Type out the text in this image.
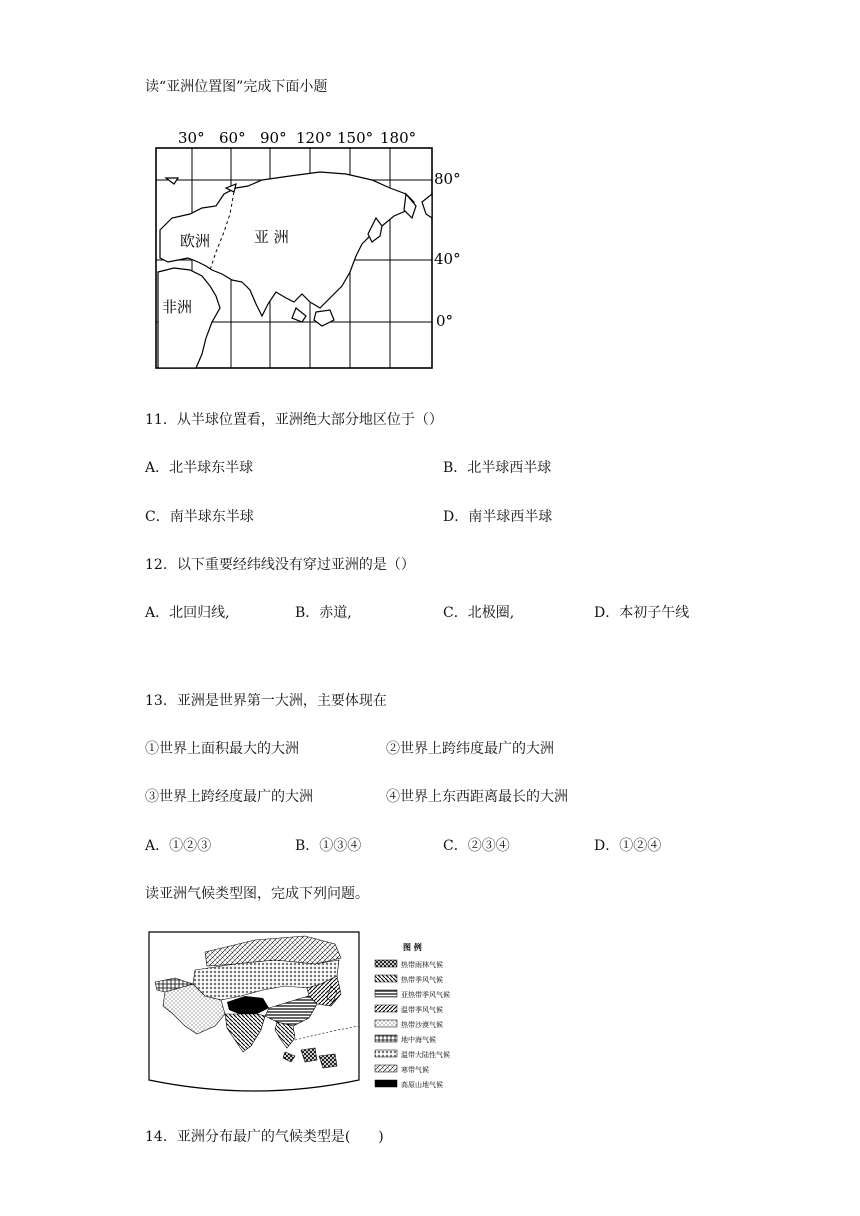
读“亚洲位置图”完成下面小题
30° 60° 90° 120° 150° 180°
欧洲	亚 洲
非洲
80°
40°
0°
11．从半球位置看，亚洲绝大部分地区位于（）
A．北半球东半球	B．北半球西半球
C．南半球东半球	D．南半球西半球
12．以下重要经纬线没有穿过亚洲的是（）
A．北回归线,	B．赤道,	C．北极圈,	D．本初子午线
13．亚洲是世界第一大洲，主要体现在
①世界上面积最大的大洲	②世界上跨纬度最广的大洲
③世界上跨经度最广的大洲	④世界上东西距离最长的大洲
A．①②③	B．①③④	C．②③④	D．①②④
读亚洲气候类型图，完成下列问题。
图 例
热带雨林气候
热带季风气候
亚热带季风气候
温带季风气候
热带沙漠气候
地中海气候
温带大陆性气候
寒带气候
高原山地气候
14．亚洲分布最广的气候类型是(　　)
